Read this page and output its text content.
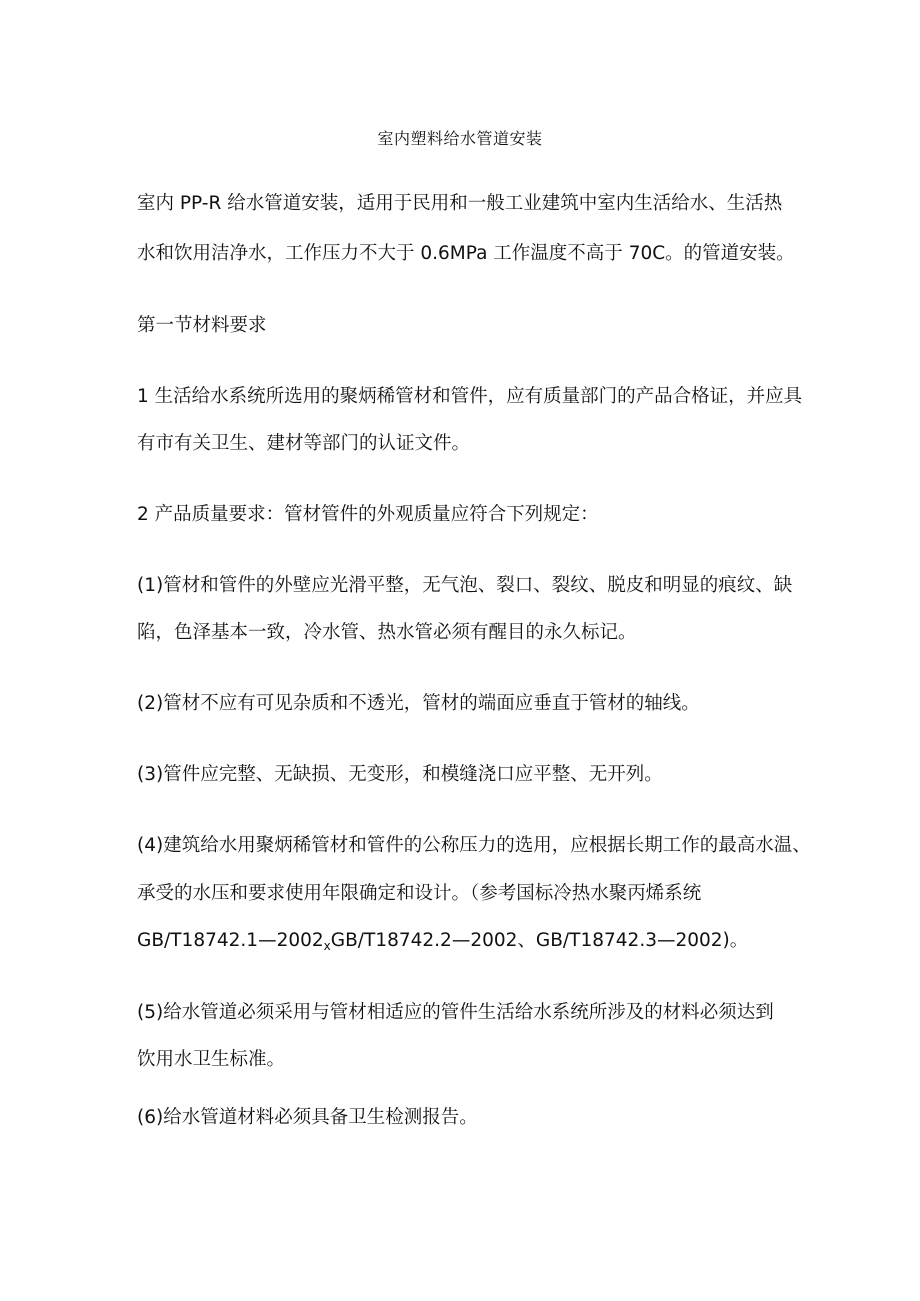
室内塑料给水管道安装
室内 PP-R 给水管道安装，适用于民用和一般工业建筑中室内生活给水、生活热
水和饮用洁净水，工作压力不大于 0.6MPa 工作温度不高于 70C。的管道安装。
第一节材料要求
1 生活给水系统所选用的聚炳稀管材和管件，应有质量部门的产品合格证，并应具
有市有关卫生、建材等部门的认证文件。
2 产品质量要求：管材管件的外观质量应符合下列规定：
(1)管材和管件的外壁应光滑平整，无气泡、裂口、裂纹、脱皮和明显的痕纹、缺
陷，色泽基本一致，冷水管、热水管必须有醒目的永久标记。
(2)管材不应有可见杂质和不透光，管材的端面应垂直于管材的轴线。
(3)管件应完整、无缺损、无变形，和模缝浇口应平整、无开列。
(4)建筑给水用聚炳稀管材和管件的公称压力的选用，应根据长期工作的最高水温、
承受的水压和要求使用年限确定和设计。（参考国标冷热水聚丙烯系统
$GB/T18742.1—2002_xGB/T18742.2—2002$、GB/T18742.3—2002)。
(5)给水管道必须采用与管材相适应的管件生活给水系统所涉及的材料必须达到
饮用水卫生标准。
(6)给水管道材料必须具备卫生检测报告。
